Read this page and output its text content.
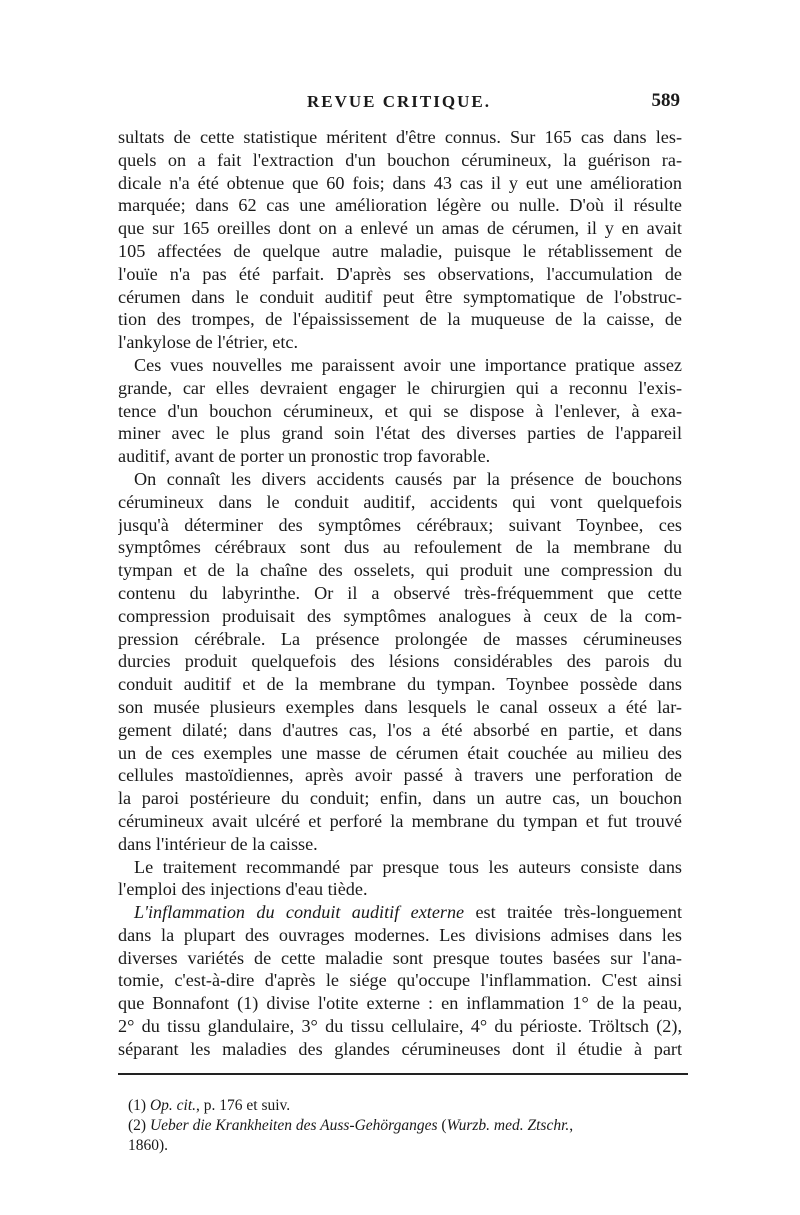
REVUE CRITIQUE.	589
sultats de cette statistique méritent d'être connus. Sur 165 cas dans les-
quels on a fait l'extraction d'un bouchon cérumineux, la guérison ra-
dicale n'a été obtenue que 60 fois; dans 43 cas il y eut une amélioration
marquée; dans 62 cas une amélioration légère ou nulle. D'où il résulte
que sur 165 oreilles dont on a enlevé un amas de cérumen, il y en avait
105 affectées de quelque autre maladie, puisque le rétablissement de
l'ouïe n'a pas été parfait. D'après ses observations, l'accumulation de
cérumen dans le conduit auditif peut être symptomatique de l'obstruc-
tion des trompes, de l'épaississement de la muqueuse de la caisse, de
l'ankylose de l'étrier, etc.
Ces vues nouvelles me paraissent avoir une importance pratique assez
grande, car elles devraient engager le chirurgien qui a reconnu l'exis-
tence d'un bouchon cérumineux, et qui se dispose à l'enlever, à exa-
miner avec le plus grand soin l'état des diverses parties de l'appareil
auditif, avant de porter un pronostic trop favorable.
On connaît les divers accidents causés par la présence de bouchons
cérumineux dans le conduit auditif, accidents qui vont quelquefois
jusqu'à déterminer des symptômes cérébraux; suivant Toynbee, ces
symptômes cérébraux sont dus au refoulement de la membrane du
tympan et de la chaîne des osselets, qui produit une compression du
contenu du labyrinthe. Or il a observé très-fréquemment que cette
compression produisait des symptômes analogues à ceux de la com-
pression cérébrale. La présence prolongée de masses cérumineuses
durcies produit quelquefois des lésions considérables des parois du
conduit auditif et de la membrane du tympan. Toynbee possède dans
son musée plusieurs exemples dans lesquels le canal osseux a été lar-
gement dilaté; dans d'autres cas, l'os a été absorbé en partie, et dans
un de ces exemples une masse de cérumen était couchée au milieu des
cellules mastoïdiennes, après avoir passé à travers une perforation de
la paroi postérieure du conduit; enfin, dans un autre cas, un bouchon
cérumineux avait ulcéré et perforé la membrane du tympan et fut trouvé
dans l'intérieur de la caisse.
Le traitement recommandé par presque tous les auteurs consiste dans
l'emploi des injections d'eau tiède.
L'inflammation du conduit auditif externe est traitée très-longuement
dans la plupart des ouvrages modernes. Les divisions admises dans les
diverses variétés de cette maladie sont presque toutes basées sur l'ana-
tomie, c'est-à-dire d'après le siége qu'occupe l'inflammation. C'est ainsi
que Bonnafont (1) divise l'otite externe : en inflammation 1° de la peau,
2° du tissu glandulaire, 3° du tissu cellulaire, 4° du périoste. Tröltsch (2),
séparant les maladies des glandes cérumineuses dont il étudie à part
(1) Op. cit., p. 176 et suiv.
(2) Ueber die Krankheiten des Auss-Gehörganges (Wurzb. med. Ztschr.,
1860).
